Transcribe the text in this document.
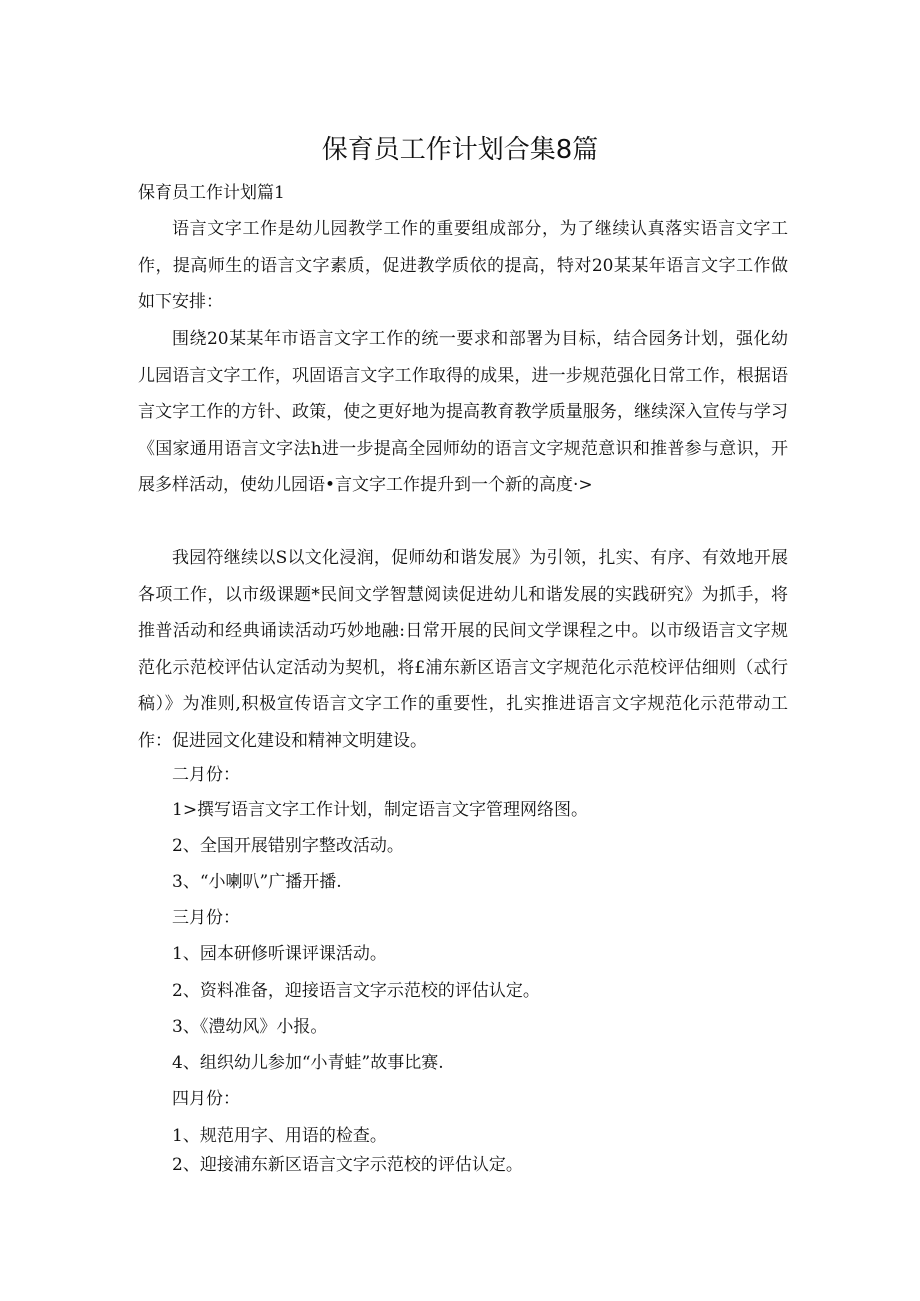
保育员工作计划合集8篇
保育员工作计划篇1
语言文字工作是幼儿园教学工作的重要组成部分，为了继续认真落实语言文字工作，提高师生的语言文字素质，促进教学质依的提高，特对20某某年语言文字工作做如下安排：
围绕20某某年市语言文字工作的统一要求和部署为目标，结合园务计划，强化幼儿园语言文字工作，巩固语言文字工作取得的成果，进一步规范强化日常工作，根据语言文字工作的方针、政策，使之更好地为提高教育教学质量服务，继续深入宣传与学习《国家通用语言文字法h进一步提高全园师幼的语言文字规范意识和推普参与意识，开展多样活动，使幼儿园语•言文字工作提升到一个新的高度·>
我园符继续以S以文化浸润，促师幼和谐发展》为引领，扎实、有序、有效地开展各项工作，以市级课题*民间文学智慧阅读促进幼儿和谐发展的实践研究》为抓手，将推普活动和经典诵读活动巧妙地融:日常开展的民间文学课程之中。以市级语言文字规范化示范校评估认定活动为契机，将£浦东新区语言文字规范化示范校评估细则（忒行稿）》为准则,积极宣传语言文字工作的重要性，扎实推进语言文字规范化示范带动工作：促进园文化建设和精神文明建设。
二月份：
1>撰写语言文字工作计划，制定语言文字管理网络图。
2、全国开展错别字整改活动。
3、“小喇叭”广播开播.
三月份：
1、园本研修听课评课活动。
2、资料准备，迎接语言文字示范校的评估认定。
3、《澧幼风》小报。
4、组织幼儿参加“小青蛙”故事比赛.
四月份：
1、规范用字、用语的检查。
2、迎接浦东新区语言文字示范校的评估认定。
